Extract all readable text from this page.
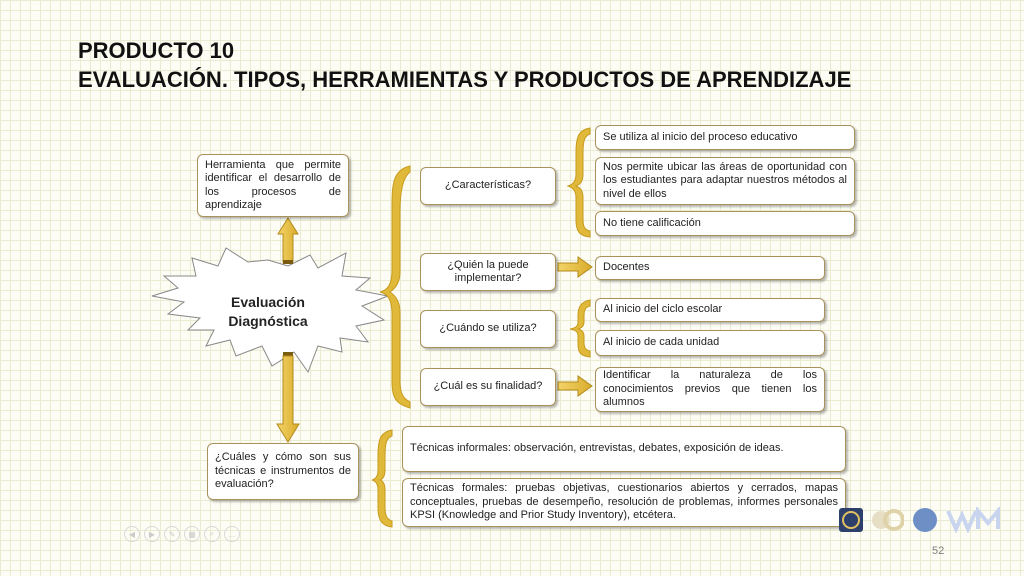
PRODUCTO 10
EVALUACIÓN. TIPOS, HERRAMIENTAS Y PRODUCTOS DE APRENDIZAJE
Evaluación
Diagnóstica
Herramienta que permite identificar el desarrollo de los procesos de aprendizaje
¿Características?
¿Quién la puede implementar?
¿Cuándo se utiliza?
¿Cuál es su finalidad?
¿Cuáles y cómo son sus técnicas e instrumentos de evaluación?
Se utiliza al inicio del proceso educativo
Nos permite ubicar las áreas de oportunidad con los estudiantes para adaptar nuestros métodos al nivel de ellos
No tiene calificación
Docentes
Al inicio del ciclo escolar
Al inicio de cada unidad
Identificar la naturaleza de los conocimientos previos que tienen los alumnos
Técnicas informales: observación, entrevistas, debates, exposición de ideas.
Técnicas formales: pruebas objetivas, cuestionarios abiertos y cerrados, mapas conceptuales, pruebas de desempeño, resolución de problemas, informes personales KPSI (Knowledge and Prior Study Inventory), etcétera.
◀	▶	✎	▦	⌕	…
52
